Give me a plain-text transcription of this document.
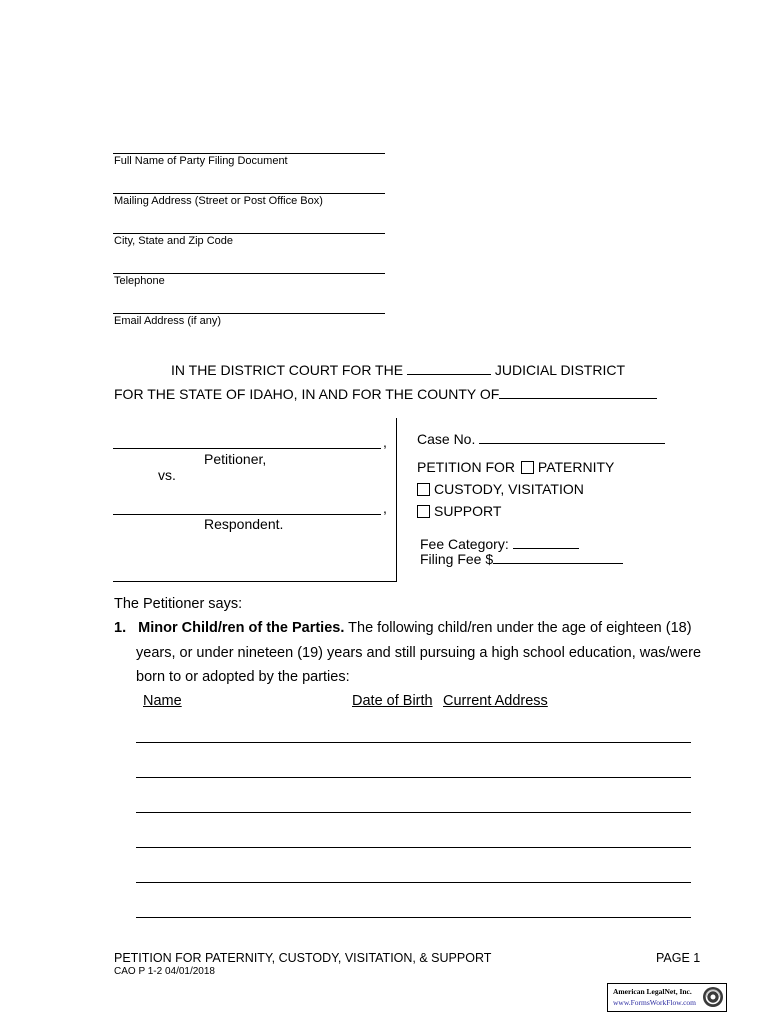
Full Name of Party Filing Document
Mailing Address (Street or Post Office Box)
City, State and Zip Code
Telephone
Email Address (if any)
IN THE DISTRICT COURT FOR THE	JUDICIAL DISTRICT
FOR THE STATE OF IDAHO, IN AND FOR THE COUNTY OF
,
Petitioner,
vs.
,
Respondent.
Case No.
PETITION FOR PATERNITY
CUSTODY, VISITATION
SUPPORT
Fee Category:
Filing Fee $
The Petitioner says:
1. Minor Child/ren of the Parties. The following child/ren under the age of eighteen (18)
years, or under nineteen (19) years and still pursuing a high school education, was/were
born to or adopted by the parties:
Name	Date of Birth Current Address
PETITION FOR PATERNITY, CUSTODY, VISITATION, & SUPPORT	PAGE 1
CAO P 1-2 04/01/2018
American LegalNet, Inc.
www.FormsWorkFlow.com
